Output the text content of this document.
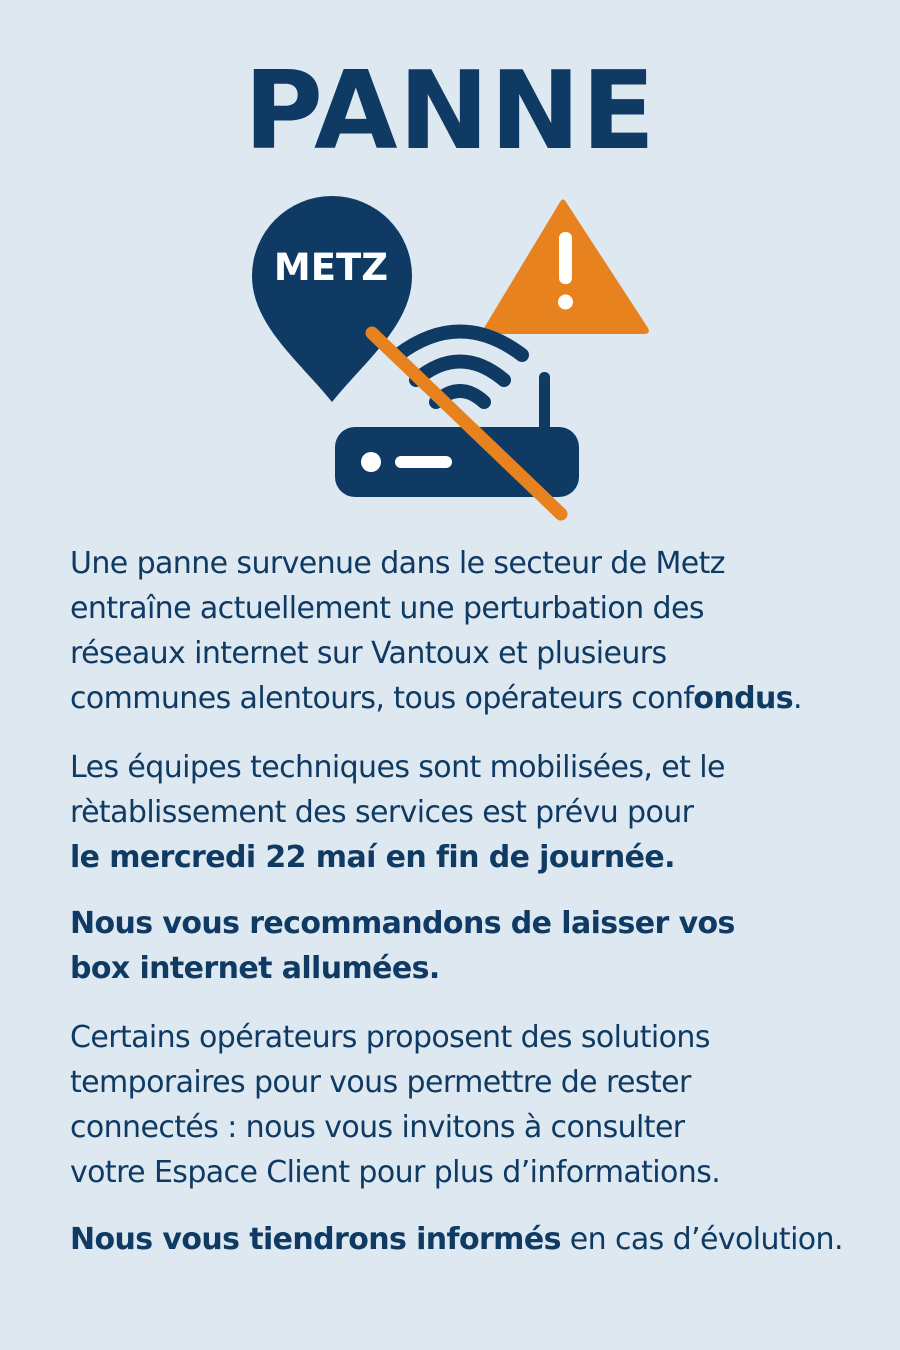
PANNE
METZ

Une panne survenue dans le secteur de Metz
entraîne actuellement une perturbation des
réseaux internet sur Vantoux et plusieurs
communes alentours, tous opérateurs confondus.

Les équipes techniques sont mobilisées, et le
rètablissement des services est prévu pour
le mercredi 22 maí en fin de journée.

Nous vous recommandons de laisser vos
box internet allumées.

Certains opérateurs proposent des solutions
temporaires pour vous permettre de rester
connectés : nous vous invitons à consulter
votre Espace Client pour plus d’informations.

Nous vous tiendrons informés en cas d’évolution.
